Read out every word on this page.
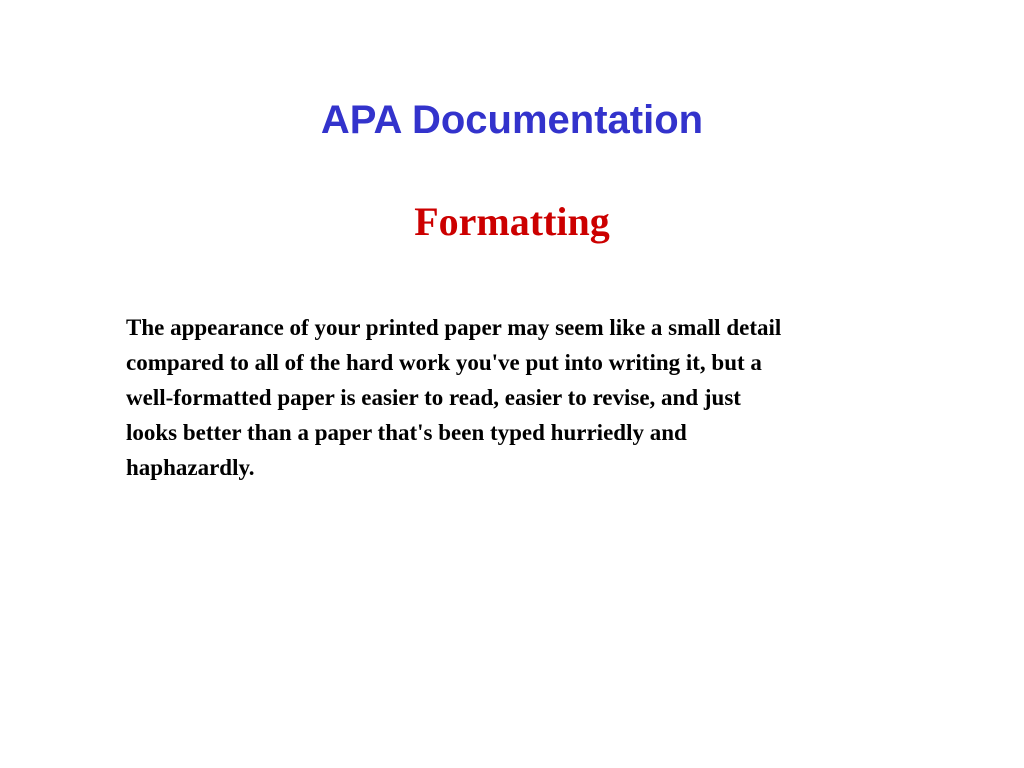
APA Documentation
Formatting

The appearance of your printed paper may seem like a small detail
compared to all of the hard work you've put into writing it, but a
well-formatted paper is easier to read, easier to revise, and just
looks better than a paper that's been typed hurriedly and
haphazardly.
